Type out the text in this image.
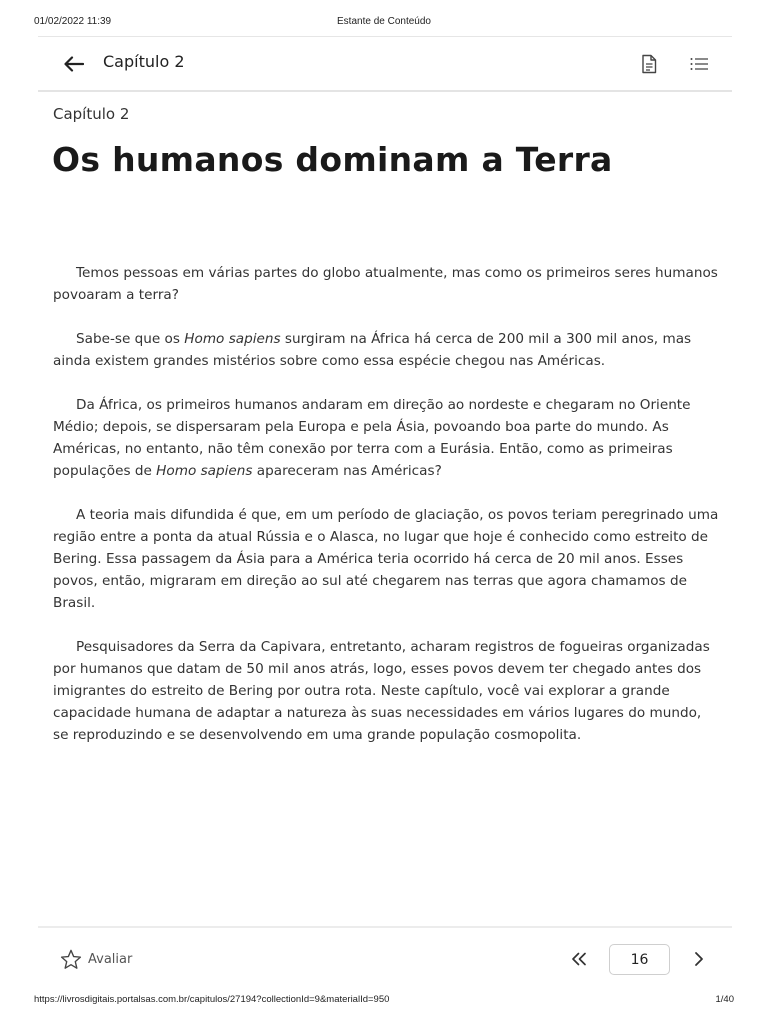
01/02/2022 11:39	Estante de Conteúdo
Capítulo 2
Capítulo 2
Os humanos dominam a Terra

Temos pessoas em várias partes do globo atualmente, mas como os primeiros seres humanos povoaram a terra?

Sabe-se que os Homo sapiens surgiram na África há cerca de 200 mil a 300 mil anos, mas ainda existem grandes mistérios sobre como essa espécie chegou nas Américas.

Da África, os primeiros humanos andaram em direção ao nordeste e chegaram no Oriente Médio; depois, se dispersaram pela Europa e pela Ásia, povoando boa parte do mundo. As Américas, no entanto, não têm conexão por terra com a Eurásia. Então, como as primeiras populações de Homo sapiens apareceram nas Américas?

A teoria mais difundida é que, em um período de glaciação, os povos teriam peregrinado uma região entre a ponta da atual Rússia e o Alasca, no lugar que hoje é conhecido como estreito de Bering. Essa passagem da Ásia para a América teria ocorrido há cerca de 20 mil anos. Esses povos, então, migraram em direção ao sul até chegarem nas terras que agora chamamos de Brasil.

Pesquisadores da Serra da Capivara, entretanto, acharam registros de fogueiras organizadas por humanos que datam de 50 mil anos atrás, logo, esses povos devem ter chegado antes dos imigrantes do estreito de Bering por outra rota. Neste capítulo, você vai explorar a grande capacidade humana de adaptar a natureza às suas necessidades em vários lugares do mundo, se reproduzindo e se desenvolvendo em uma grande população cosmopolita.

Avaliar	16
https://livrosdigitais.portalsas.com.br/capitulos/27194?collectionId=9&materialId=950	1/40
